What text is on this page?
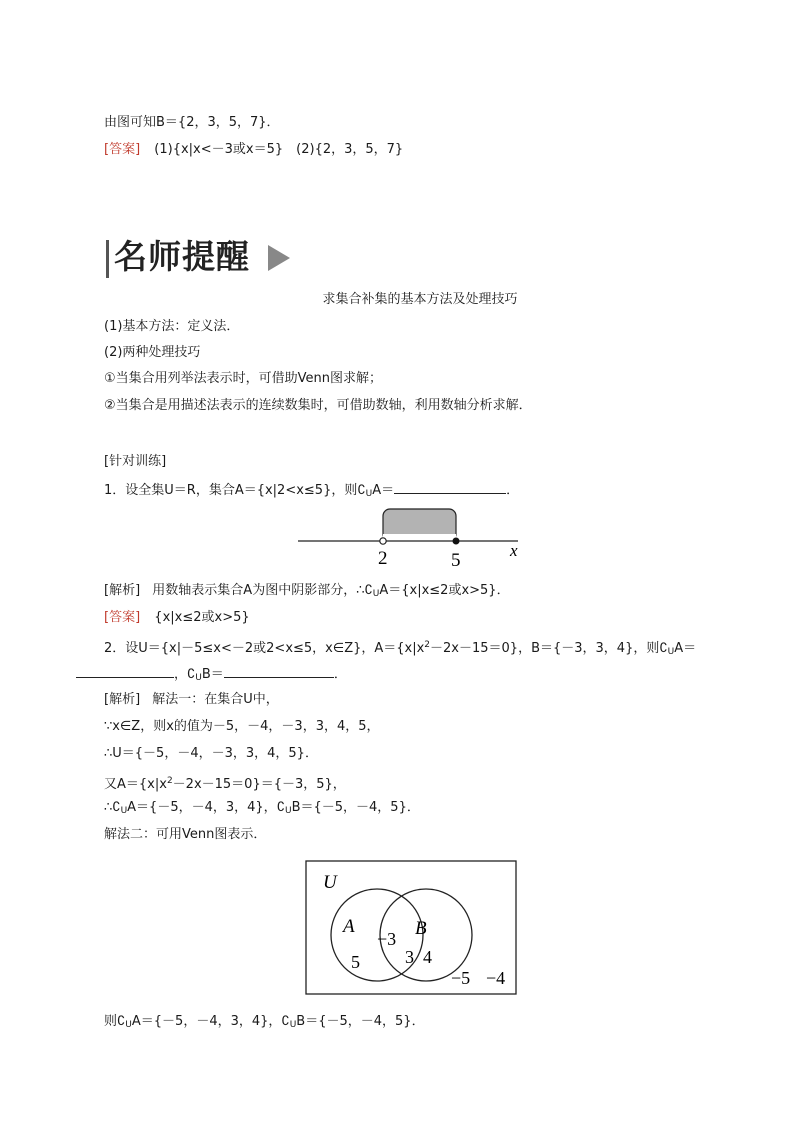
由图可知B＝{2，3，5，7}．
[答案] (1){x|x<－3或x＝5}　(2){2，3，5，7}
名师提醒
求集合补集的基本方法及处理技巧
(1)基本方法：定义法．
(2)两种处理技巧
①当集合用列举法表示时，可借助Venn图求解；
②当集合是用描述法表示的连续数集时，可借助数轴，利用数轴分析求解．
[针对训练]
1．设全集U＝R，集合A＝{x|2<x≤5}，则$∁_UA=$	．
2	5	x
[解析] 用数轴表示集合A为图中阴影部分，$\therefore∁_UA=\{x|x\le 2$或x>5}．
[答案] {x|x≤2或x>5}
2．设U＝{x|－5≤x<－2或2<x≤5，x∈Z}，$A=\{x|x^2-2x-15=0\}$，B＝{－3，3，4}，则$∁_UA=$
，$∁_UB=$	．
[解析] 解法一：在集合U中，
∵x∈Z，则x的值为－5，－4，－3，3，4，5，
∴U＝{－5，－4，－3，3，4，5}．
又$A=\{x|x^2-2x-15=0\}=\{-3$，5}，
$\therefore∁_UA=\{-5$，－4，3，4}，$∁_UB=\{-5$，－4，5}．
解法二：可用Venn图表示．
U
A	B
5
−3
3  4
−5 −4
则$∁_UA=\{-5$，－4，3，4}，$∁_UB=\{-5$，－4，5}．
